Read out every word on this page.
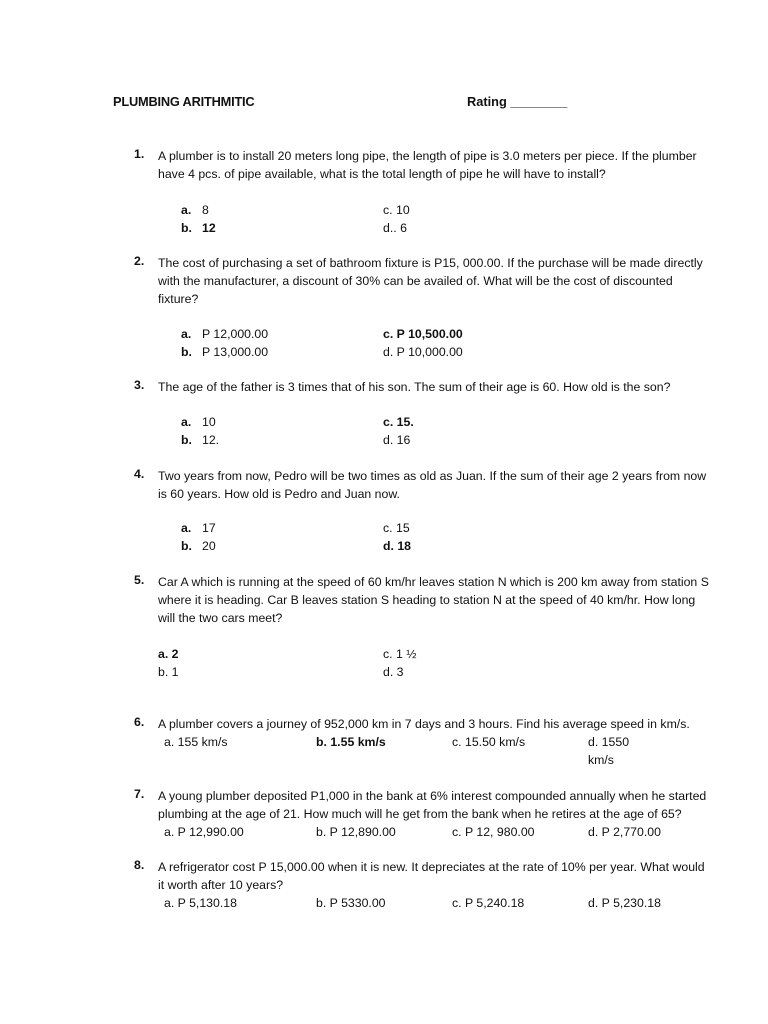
PLUMBING ARITHMITIC	Rating ________
1. A plumber is to install 20 meters long pipe, the length of pipe is 3.0 meters per piece. If the plumber have 4 pcs. of pipe available, what is the total length of pipe he will have to install?
a. 8
b. 12
c. 10
d.. 6
2. The cost of purchasing a set of bathroom fixture is P15, 000.00. If the purchase will be made directly with the manufacturer, a discount of 30% can be availed of. What will be the cost of discounted fixture?
a. P 12,000.00
b. P 13,000.00
c. P 10,500.00
d. P 10,000.00
3. The age of the father is 3 times that of his son. The sum of their age is 60. How old is the son?
a. 10
b. 12.
c. 15.
d. 16
4. Two years from now, Pedro will be two times as old as Juan. If the sum of their age 2 years from now is 60 years. How old is Pedro and Juan now.
a. 17
b. 20
c. 15
d. 18
5. Car A which is running at the speed of 60 km/hr leaves station N which is 200 km away from station S where it is heading. Car B leaves station S heading to station N at the speed of 40 km/hr. How long will the two cars meet?
a. 2
b. 1
c. 1 ½
d. 3
6. A plumber covers a journey of 952,000 km in 7 days and 3 hours. Find his average speed in km/s.
a. 155 km/s	b. 1.55 km/s	c. 15.50 km/s	d. 1550
km/s
7. A young plumber deposited P1,000 in the bank at 6% interest compounded annually when he started plumbing at the age of 21. How much will he get from the bank when he retires at the age of 65?
a. P 12,990.00	b. P 12,890.00	c. P 12, 980.00	d. P 2,770.00
8. A refrigerator cost P 15,000.00 when it is new. It depreciates at the rate of 10% per year. What would it worth after 10 years?
a. P 5,130.18	b. P 5330.00	c. P 5,240.18	d. P 5,230.18
